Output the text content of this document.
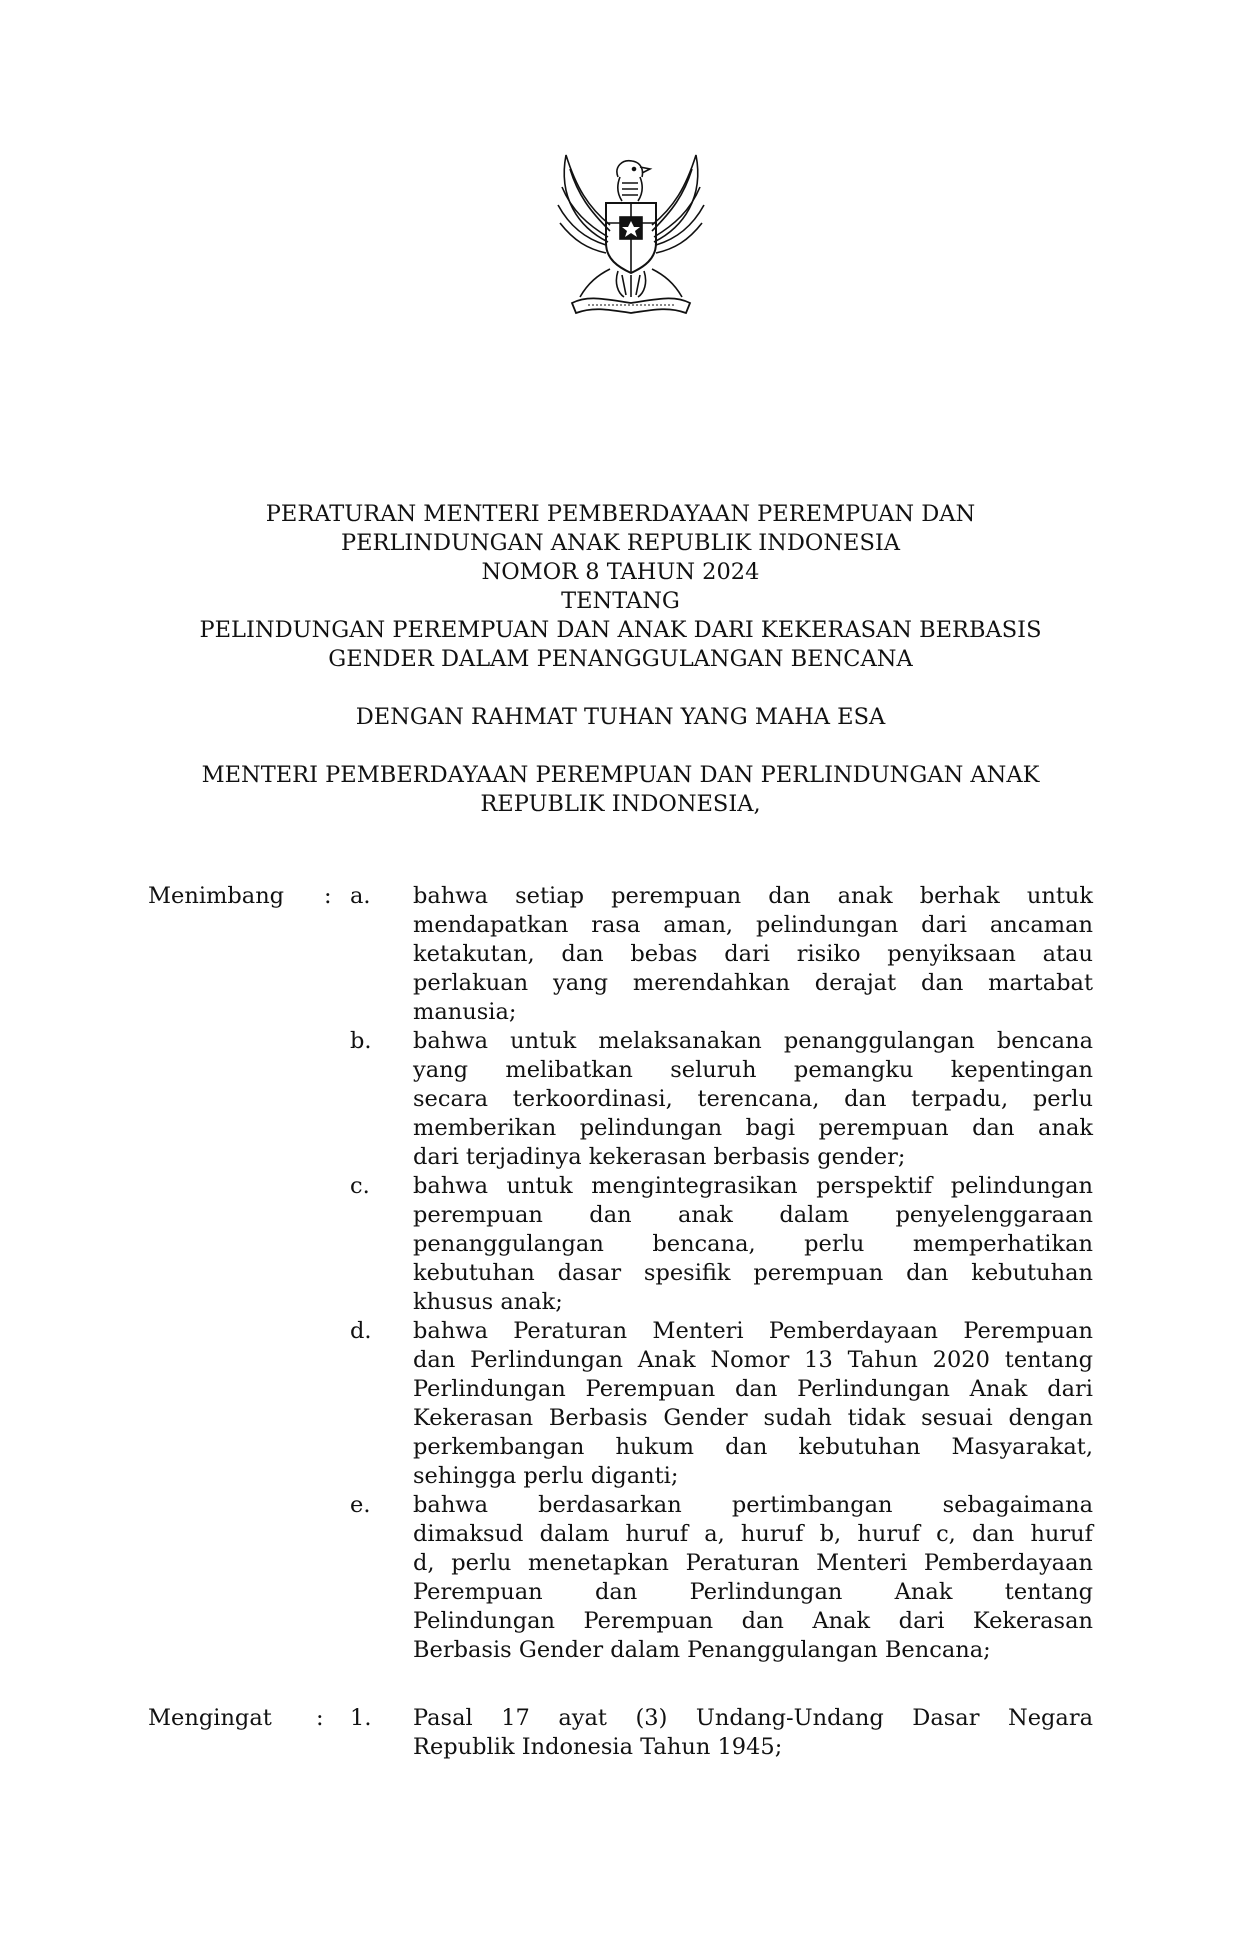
PERATURAN MENTERI PEMBERDAYAAN PEREMPUAN DAN

PERLINDUNGAN ANAK REPUBLIK INDONESIA

NOMOR 8 TAHUN 2024

TENTANG

PELINDUNGAN PEREMPUAN DAN ANAK DARI KEKERASAN BERBASIS

GENDER DALAM PENANGGULANGAN BENCANA

DENGAN RAHMAT TUHAN YANG MAHA ESA

MENTERI PEMBERDAYAAN PEREMPUAN DAN PERLINDUNGAN ANAK

REPUBLIK INDONESIA,

Menimbang	: a. bahwa setiap perempuan dan anak berhak untuk
mendapatkan rasa aman, pelindungan dari ancaman
ketakutan, dan bebas dari risiko penyiksaan atau
perlakuan yang merendahkan derajat dan martabat
manusia;
b. bahwa untuk melaksanakan penanggulangan bencana
yang melibatkan seluruh pemangku kepentingan
secara terkoordinasi, terencana, dan terpadu, perlu
memberikan pelindungan bagi perempuan dan anak
dari terjadinya kekerasan berbasis gender;
c. bahwa untuk mengintegrasikan perspektif pelindungan
perempuan dan anak dalam penyelenggaraan
penanggulangan bencana, perlu memperhatikan
kebutuhan dasar spesifik perempuan dan kebutuhan
khusus anak;
d. bahwa Peraturan Menteri Pemberdayaan Perempuan
dan Perlindungan Anak Nomor 13 Tahun 2020 tentang
Perlindungan Perempuan dan Perlindungan Anak dari
Kekerasan Berbasis Gender sudah tidak sesuai dengan
perkembangan hukum dan kebutuhan Masyarakat,
sehingga perlu diganti;
e. bahwa berdasarkan pertimbangan sebagaimana
dimaksud dalam huruf a, huruf b, huruf c, dan huruf
d, perlu menetapkan Peraturan Menteri Pemberdayaan
Perempuan dan Perlindungan Anak tentang
Pelindungan Perempuan dan Anak dari Kekerasan
Berbasis Gender dalam Penanggulangan Bencana;
Mengingat	: 1. Pasal 17 ayat (3) Undang-Undang Dasar Negara
Republik Indonesia Tahun 1945;
